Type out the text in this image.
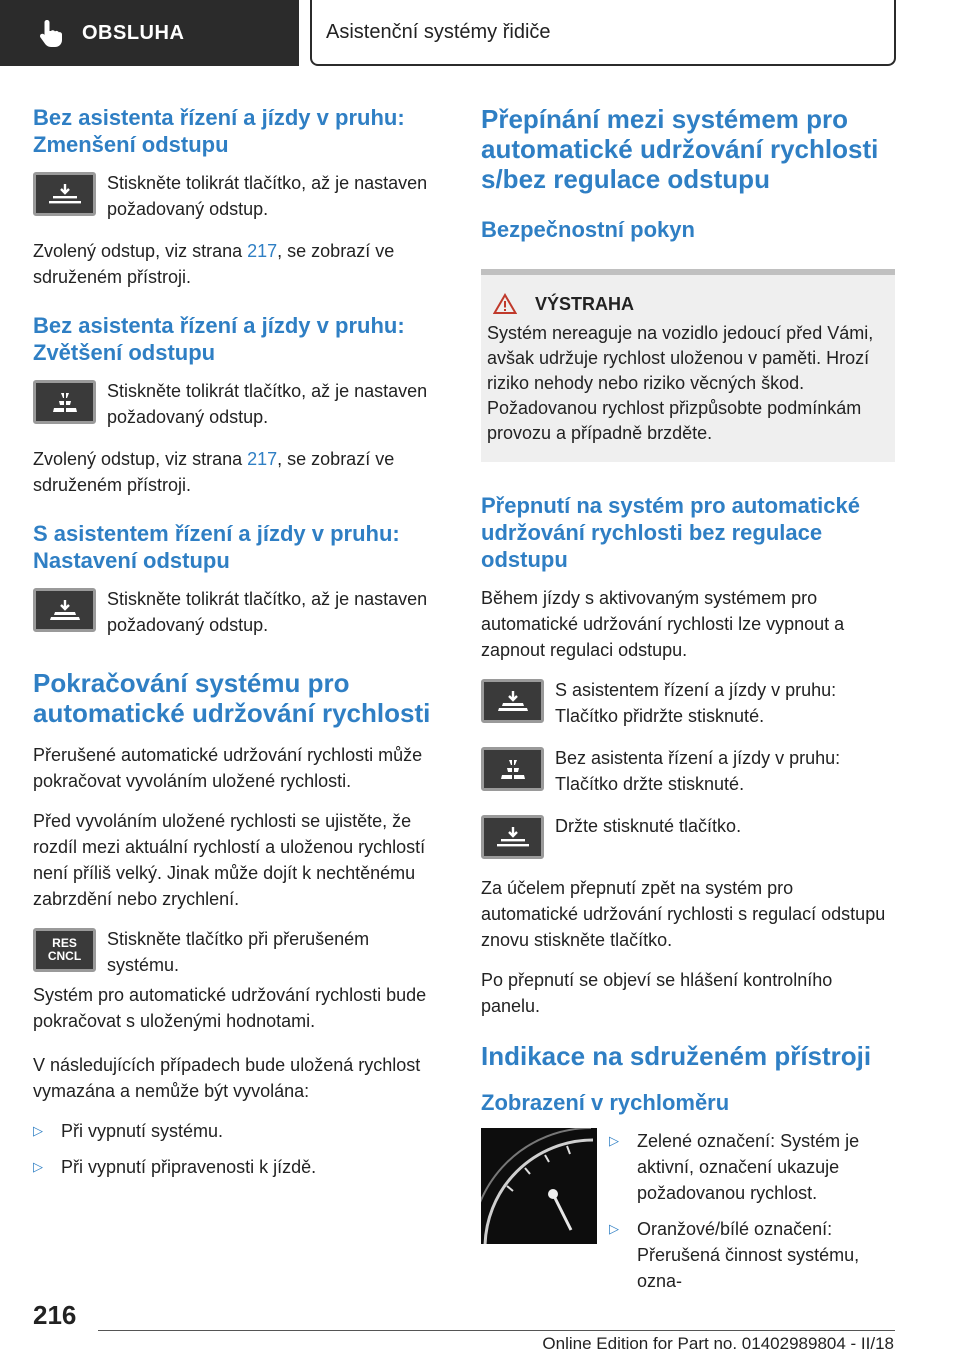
OBSLUHA	Asistenční systémy řidiče
Bez asistenta řízení a jízdy v pruhu: Zmenšení odstupu
Stiskněte tolikrát tlačítko, až je nastaven požadovaný odstup.

Zvolený odstup, viz strana 217, se zobrazí ve sdruženém přístroji.

Bez asistenta řízení a jízdy v pruhu: Zvětšení odstupu
Stiskněte tolikrát tlačítko, až je nastaven požadovaný odstup.

Zvolený odstup, viz strana 217, se zobrazí ve sdruženém přístroji.

S asistentem řízení a jízdy v pruhu: Nastavení odstupu
Stiskněte tolikrát tlačítko, až je nastaven požadovaný odstup.
Pokračování systému pro automatické udržování rychlosti

Přerušené automatické udržování rychlosti může pokračovat vyvoláním uložené rychlosti.

Před vyvoláním uložené rychlosti se ujistěte, že rozdíl mezi aktuální rychlostí a uloženou rychlostí není příliš velký. Jinak může dojít k nechtěnému zabrzdění nebo zrychlení.

RES
CNCL
Stiskněte tlačítko při přerušeném systému.

Systém pro automatické udržování rychlosti bude pokračovat s uloženými hodnotami.

V následujících případech bude uložená rychlost vymazána a nemůže být vyvolána:

▷	Při vypnutí systému.
▷	Při vypnutí připravenosti k jízdě.
Přepínání mezi systémem pro automatické udržování rychlosti s/bez regulace odstupu
Bezpečnostní pokyn
VÝSTRAHA

Systém nereaguje na vozidlo jedoucí před Vámi, avšak udržuje rychlost uloženou v paměti. Hrozí riziko nehody nebo riziko věcných škod. Požadovanou rychlost přizpůsobte podmínkám provozu a případně brzděte.

Přepnutí na systém pro automatické udržování rychlosti bez regulace odstupu

Během jízdy s aktivovaným systémem pro automatické udržování rychlosti lze vypnout a zapnout regulaci odstupu.

S asistentem řízení a jízdy v pruhu: Tlačítko přidržte stisknuté.
Bez asistenta řízení a jízdy v pruhu: Tlačítko držte stisknuté.
Držte stisknuté tlačítko.

Za účelem přepnutí zpět na systém pro automatické udržování rychlosti s regulací odstupu znovu stiskněte tlačítko.

Po přepnutí se objeví se hlášení kontrolního panelu.

Indikace na sdruženém přístroji
Zobrazení v rychloměru
▷	Zelené označení: Systém je aktivní, označení ukazuje požadovanou rychlost.
▷	Oranžové/bílé označení: Přerušená činnost systému, ozna-
216
Online Edition for Part no. 01402989804 - II/18
